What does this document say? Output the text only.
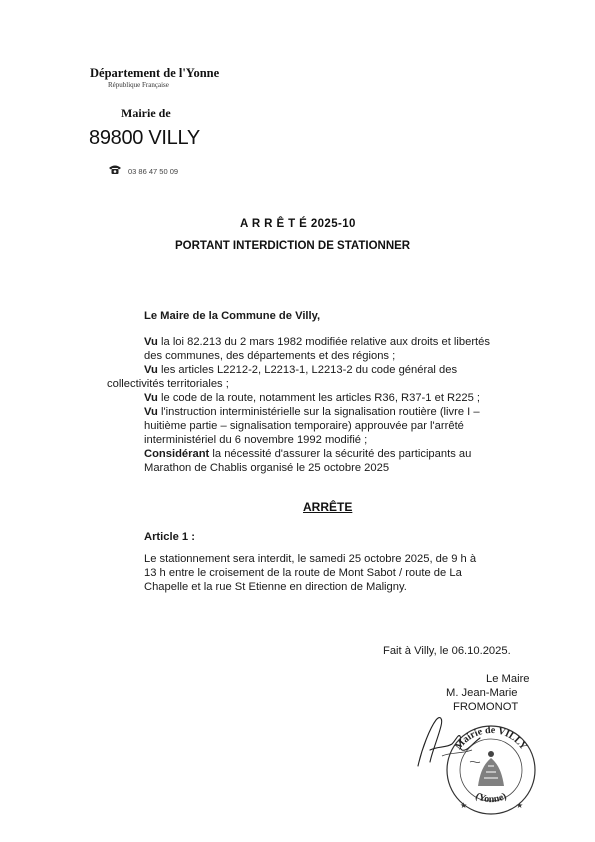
Département de l'Yonne
République Française
Mairie de
89800 VILLY
03 86 47 50 09
A R R Ê T É 2025-10
PORTANT INTERDICTION DE STATIONNER
Le Maire de la Commune de Villy,
Vu la loi 82.213 du 2 mars 1982 modifiée relative aux droits et libertés
des communes, des départements et des régions ;
Vu les articles L2212-2, L2213-1, L2213-2 du code général des
collectivités territoriales ;
Vu le code de la route, notamment les articles R36, R37-1 et R225 ;
Vu l'instruction interministérielle sur la signalisation routière (livre I –
huitième partie – signalisation temporaire) approuvée par l'arrêté
interministériel du 6 novembre 1992 modifié ;
Considérant la nécessité d'assurer la sécurité des participants au
Marathon de Chablis organisé le 25 octobre 2025
ARRÊTE
Article 1 :
Le stationnement sera interdit, le samedi 25 octobre 2025, de 9 h à
13 h entre le croisement de la route de Mont Sabot / route de La
Chapelle et la rue St Etienne en direction de Maligny.
Fait à Villy, le 06.10.2025.
Le Maire
M. Jean-Marie
FROMONOT
Mairie de VILLY
(Yonne)
★	★
